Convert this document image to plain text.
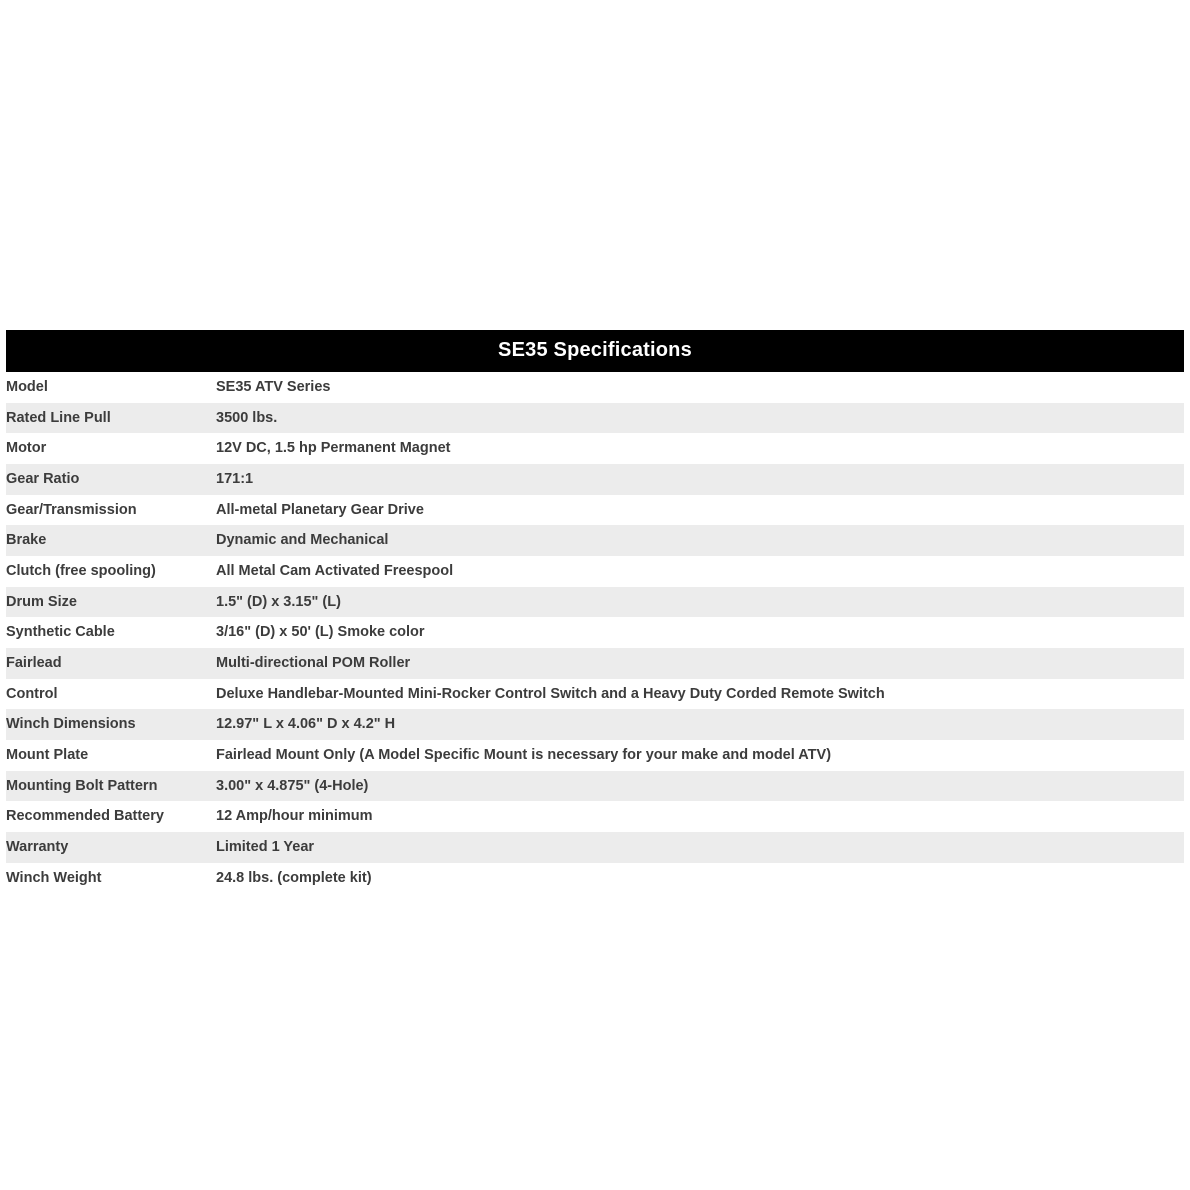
SE35 Specifications
Model	SE35 ATV Series
Rated Line Pull	3500 lbs.
Motor	12V DC, 1.5 hp Permanent Magnet
Gear Ratio	171:1
Gear/Transmission	All-metal Planetary Gear Drive
Brake	Dynamic and Mechanical
Clutch (free spooling)	All Metal Cam Activated Freespool
Drum Size	1.5" (D) x 3.15" (L)
Synthetic Cable	3/16" (D) x 50' (L) Smoke color
Fairlead	Multi-directional POM Roller
Control	Deluxe Handlebar-Mounted Mini-Rocker Control Switch and a Heavy Duty Corded Remote Switch
Winch Dimensions	12.97" L x 4.06" D x 4.2" H
Mount Plate	Fairlead Mount Only (A Model Specific Mount is necessary for your make and model ATV)
Mounting Bolt Pattern	3.00" x 4.875" (4-Hole)
Recommended Battery	12 Amp/hour minimum
Warranty	Limited 1 Year
Winch Weight	24.8 lbs. (complete kit)
